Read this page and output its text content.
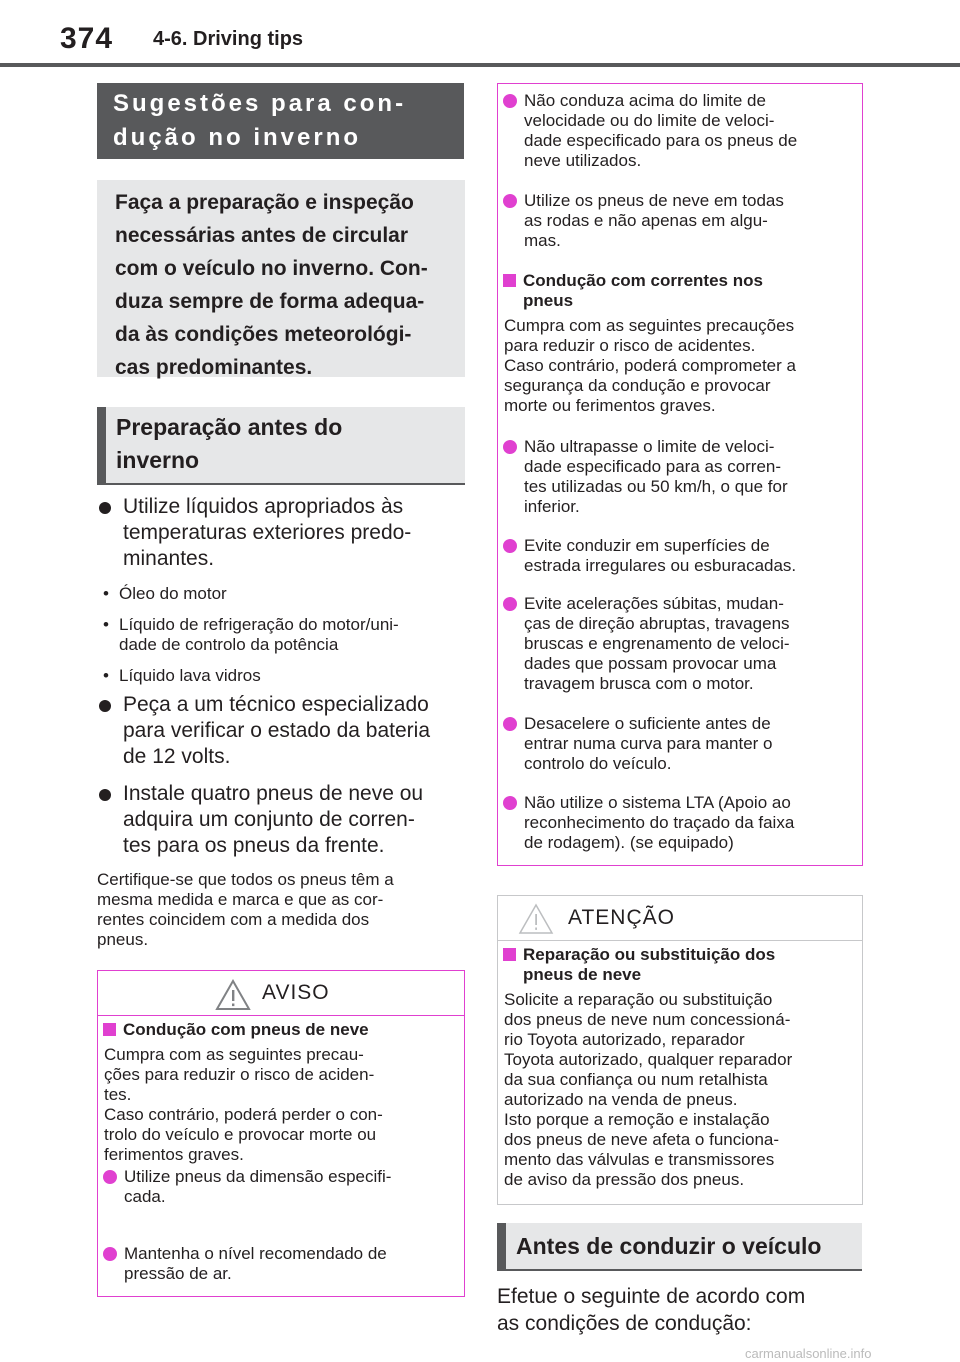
374 4-6. Driving tips
Sugestões para con-
dução no inverno
Faça a preparação e inspeção
necessárias antes de circular
com o veículo no inverno. Con-
duza sempre de forma adequa-
da às condições meteorológi-
cas predominantes.
Preparação antes do
inverno
Utilize líquidos apropriados às
temperaturas exteriores predo-
minantes.
• Óleo do motor
• Líquido de refrigeração do motor/uni-
dade de controlo da potência
• Líquido lava vidros
Peça a um técnico especializado
para verificar o estado da bateria
de 12 volts.
Instale quatro pneus de neve ou
adquira um conjunto de corren-
tes para os pneus da frente.
Certifique-se que todos os pneus têm a
mesma medida e marca e que as cor-
rentes coincidem com a medida dos
pneus.
AVISO
Condução com pneus de neve
Cumpra com as seguintes precau-
ções para reduzir o risco de aciden-
tes.
Caso contrário, poderá perder o con-
trolo do veículo e provocar morte ou
ferimentos graves.
Utilize pneus da dimensão especifi-
cada.
Mantenha o nível recomendado de
pressão de ar.
Não conduza acima do limite de
velocidade ou do limite de veloci-
dade especificado para os pneus de
neve utilizados.
Utilize os pneus de neve em todas
as rodas e não apenas em algu-
mas.
Condução com correntes nos
pneus
Cumpra com as seguintes precauções
para reduzir o risco de acidentes.
Caso contrário, poderá comprometer a
segurança da condução e provocar
morte ou ferimentos graves.
Não ultrapasse o limite de veloci-
dade especificado para as corren-
tes utilizadas ou 50 km/h, o que for
inferior.
Evite conduzir em superfícies de
estrada irregulares ou esburacadas.
Evite acelerações súbitas, mudan-
ças de direção abruptas, travagens
bruscas e engrenamento de veloci-
dades que possam provocar uma
travagem brusca com o motor.
Desacelere o suficiente antes de
entrar numa curva para manter o
controlo do veículo.
Não utilize o sistema LTA (Apoio ao
reconhecimento do traçado da faixa
de rodagem). (se equipado)
ATENÇÃO
Reparação ou substituição dos
pneus de neve
Solicite a reparação ou substituição
dos pneus de neve num concessioná-
rio Toyota autorizado, reparador
Toyota autorizado, qualquer reparador
da sua confiança ou num retalhista
autorizado na venda de pneus.
Isto porque a remoção e instalação
dos pneus de neve afeta o funciona-
mento das válvulas e transmissores
de aviso da pressão dos pneus.
Antes de conduzir o veículo
Efetue o seguinte de acordo com
as condições de condução:
carmanualsonline.info
